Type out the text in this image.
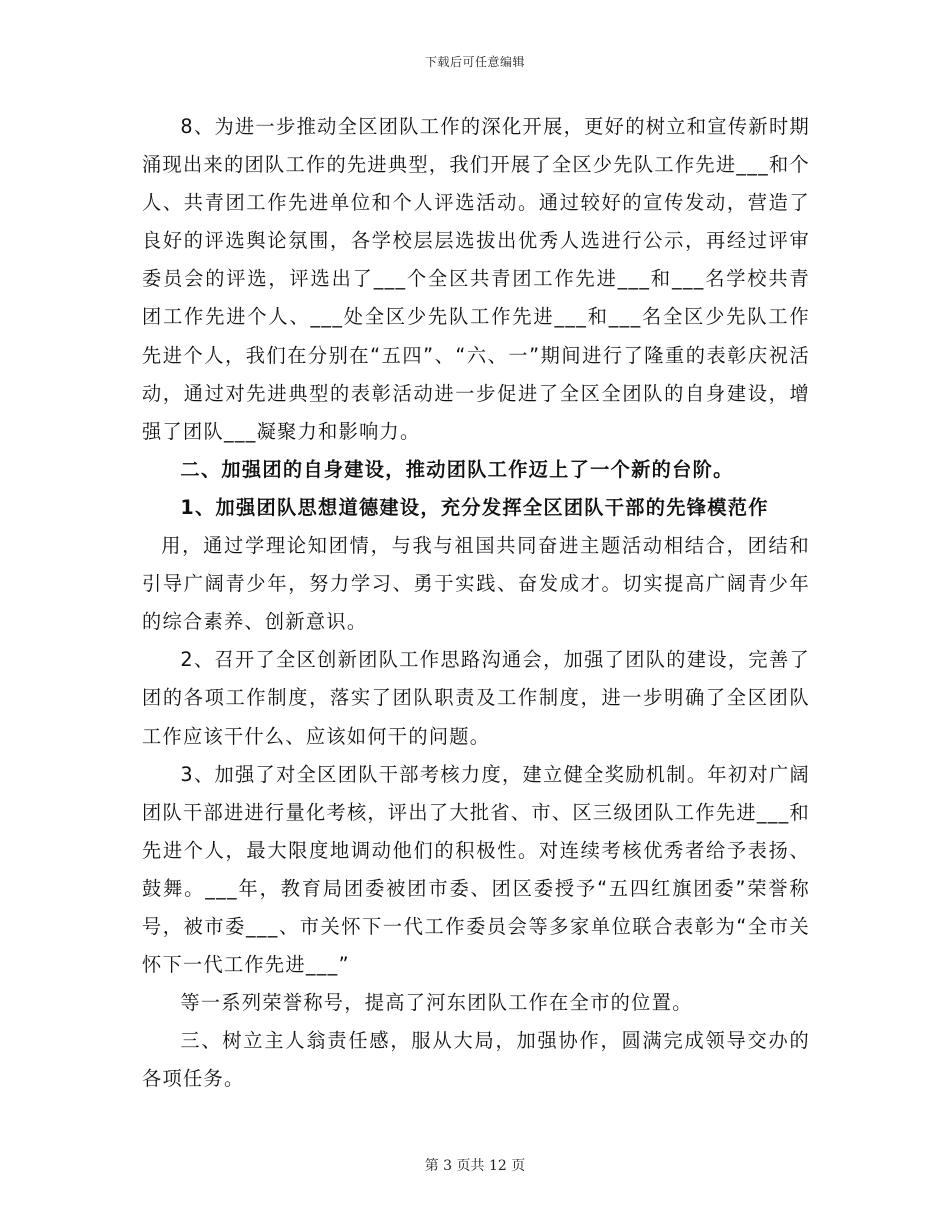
下载后可任意编辑

8、为进一步推动全区团队工作的深化开展，更好的树立和宣传新时期涌现出来的团队工作的先进典型，我们开展了全区少先队工作先进___和个人、共青团工作先进单位和个人评选活动。通过较好的宣传发动，营造了良好的评选舆论氛围，各学校层层选拔出优秀人选进行公示，再经过评审委员会的评选，评选出了___个全区共青团工作先进___和___名学校共青团工作先进个人、___处全区少先队工作先进___和___名全区少先队工作先进个人，我们在分别在“五四”、“六、一”期间进行了隆重的表彰庆祝活动，通过对先进典型的表彰活动进一步促进了全区全团队的自身建设，增强了团队___凝聚力和影响力。

二、加强团的自身建设，推动团队工作迈上了一个新的台阶。

1、加强团队思想道德建设，充分发挥全区团队干部的先锋模范作

用，通过学理论知团情，与我与祖国共同奋进主题活动相结合，团结和引导广阔青少年，努力学习、勇于实践、奋发成才。切实提高广阔青少年的综合素养、创新意识。

2、召开了全区创新团队工作思路沟通会，加强了团队的建设，完善了团的各项工作制度，落实了团队职责及工作制度，进一步明确了全区团队工作应该干什么、应该如何干的问题。

3、加强了对全区团队干部考核力度，建立健全奖励机制。年初对广阔团队干部进进行量化考核，评出了大批省、市、区三级团队工作先进___和先进个人，最大限度地调动他们的积极性。对连续考核优秀者给予表扬、鼓舞。___年，教育局团委被团市委、团区委授予“五四红旗团委”荣誉称号，被市委___、市关怀下一代工作委员会等多家单位联合表彰为“全市关怀下一代工作先进___”

等一系列荣誉称号，提高了河东团队工作在全市的位置。

三、树立主人翁责任感，服从大局，加强协作，圆满完成领导交办的各项任务。

第 3 页共 12 页
